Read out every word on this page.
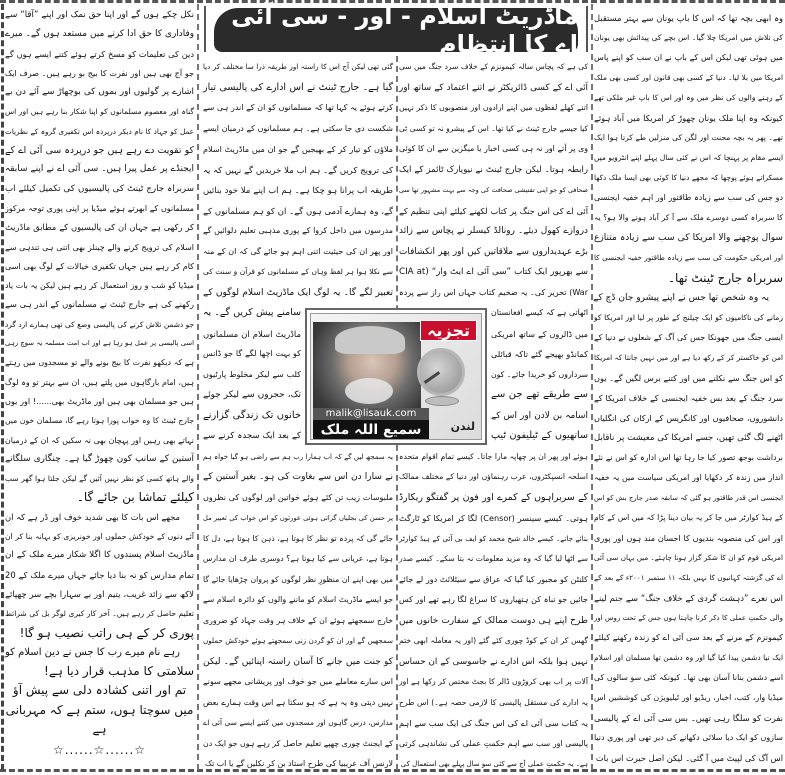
ماڈریٹ اسلام - اور - سی آئی اے کا انتظام
وہ ابھی بچہ تھا کہ اس کا باپ یونان سے بہتر مستقبل
کی تلاش میں امریکا چلا گیا۔ اس بچے کی پیدائش بھی یونان
میں ہوئی تھی لیکن اس کے باپ نے ان سب کو اپنے پاس
امریکا میں بلا لیا۔ دنیا کے کسی بھی قانون اور کسی بھی ملک
کے رہنے والوں کی نظر میں وہ اور اس کا باپ غیر ملکی تھے
کیونکہ وہ اپنا ملک یونان چھوڑ کر امریکا میں آباد ہوئے
تھے۔ پھر یہ بچہ محنت اور لگن کی منزلیں طے کرتا ہوا ایک
ایسے مقام پر پہنچا کہ اس نے کئی سال پہلے اپنے انٹرویو میں
مسکراتے ہوئے پوچھا کہ مجھے دنیا کا کوئی بھی ایسا ملک دکھا
دو جس کی سب سے زیادہ طاقتور اور اہم خفیہ ایجنسی
کا سربراہ کسی دوسرے ملک سے آ کر آباد ہونے والا ہو؟ یہ
سوال پوچھنے والا امریکا کی سب سے زیادہ متنازع
اور امریکی حکومت کی سب سے زیادہ طاقتور خفیہ ایجنسی کا
سربراہ جارج ٹینٹ تھا۔
یہ وہ شخص تھا جس نے اپنے پیشرو جان ڈچ کے
زمانے کی ناکامیوں کو ایک چیلنج کے طور پر لیا اور امریکا کو
ایسی جنگ میں جھونکا جس کی آگ کے شعلوں نے دنیا کے
امن کو خاکستر کر کے رکھ دیا ہے اور میں نہیں جانتا کہ امریکا
کو اس جنگ سے نکلنے میں اور کتنے برس لگیں گے۔ یوں
سرد جنگ کے بعد بس خفیہ ایجنسی کے خلاف امریکا کے
دانشوروں، صحافیوں اور کانگریس کے ارکان کی انگلیاں
اٹھنے لگ گئی تھیں، جسے امریکا کی معیشت پر ناقابل
برداشت بوجھ تصور کیا جا رہا تھا اس ادارہ کو اس نے نئے
انداز میں زندہ کر دکھایا اور امریکی سیاست میں یہ خفیہ
ایجنسی اس قدر طاقتور ہو گئی کہ سابقہ صدر جارج بش کو اس
کے ہیڈ کوارٹر میں جا کر یہ بیان دینا پڑا کہ میں اس کے کام
اور اس کی منصوبہ بندیوں کا احسان مند ہوں اور پوری
امریکی قوم کو ان کا شکر گزار ہونا چاہئے۔ میں یہاں سی آئی
اے کی گزشتہ کہانیوں کا نہیں بلکہ ۱۱ ستمبر ۲۰۰۱ء کے بعد کے
اس نعرے ”دہشت گردی کے خلاف جنگ“ سے جنم لینے
والی حکمتِ عملی کا ذکر کرنا چاہتا ہوں جس کے تحت روس اور
کیمونزم کے مرنے کے بعد سی آئی اے کو زندہ رکھنے کیلئے
ایک نیا دشمن پیدا کیا گیا اور وہ دشمن تھا مسلمان اور اسلام
اسے دشمن بنانا آسان بھی تھا۔ کیونکہ کئی سو سالوں کی
میڈیا وار، کتب، اخبار، ریڈیو اور ٹیلیویژن کی کوششیں اس
نفرت کو سلگا رہی تھیں۔ بس سی آئی اے کے پالیسی
سازوں کو ایک دیا سلائی دکھانے کی دیر تھی اور پوری دنیا
اس آگ کی لپیٹ میں آ گئی۔ لیکن اصل حیرت اس بات
کی ہے کہ پچاس سالہ کیمونزم کے خلاف سرد جنگ میں سی
آئی اے کے کسی ڈائریکٹر نے اتنے اعتماد کے ساتھ اور
اتنے کھلے لفظوں میں اپنے ارادوں اور منصوبوں کا ذکر نہیں
کیا جیسے جارج ٹینٹ نے کیا تھا۔ اس کے پیشرو نہ تو کسی ٹی
وی پر آتے اور نہ ہی کسی اخبار یا میگزین سے ان کا کوئی
رابطہ ہوتا۔ لیکن جارج ٹینٹ نے نیویارک ٹائمز کے ایک
صحافی کو جو اپنی تفتیشی صحافت کی وجہ سے بہت مشہور تھا سی
آئی اے کی اس جنگ پر کتاب لکھنے کیلئے اپنی تنظیم کے
دروازے کھول دیئے۔ رونالڈ کیسلر نے پچاس سے زائد
بڑے عہدیداروں سے ملاقاتیں کیں اور پھر انکشافات
سے بھرپور ایک کتاب ”سی آئی اے ایٹ وار“ (CIA at
War) تحریر کی۔ یہ ضخیم کتاب جہاں اس راز سے پردہ
اٹھاتی ہے کہ کیسے افغانستان
میں ڈالروں کے ساتھ امریکی
کمانڈو بھیجے گئے تاکہ قبائلی
سرداروں کو خریدا جائے۔ کون
سے طریقے تھے جن سے
اسامہ بن لادن اور اس کے
ساتھیوں کے ٹیلیفون ٹیپ
ہوئے اور پھر ان پر چھاپہ مارا جاتا۔ کیسے تمام اقوام متحدہ
اسلحہ انسپکٹروں، عرب رہنماؤں اور دنیا کے مختلف ممالک
کے سربراہوں کے کمرے اور فون پر گفتگو ریکارڈ
ہوتی۔ کیسے سینسر (Censor) لگا کر امریکا کو ٹارگٹ
بتائے جاتے۔ کیسے خالد شیخ محمد کو ایف بی آئی کے ہیڈ کوارٹر
سے اٹھا لیا گیا کہ وہ مزید معلومات نہ بتا سکے۔ کیسے صدر
کلنٹن کو مجبور کیا گیا کہ عراق سے سیٹلائٹ دور لے جائے
جائیں جو تباہ کن ہتھیاروں کا سراغ لگا رہے تھے اور کس
طرح اپنے ہی دوست ممالک کے سفارت خانوں میں
گھس کر ان کے کوڈ چوری کئے گئے (اور یہ معاملہ ابھی ختم
نہیں ہوا بلکہ اس ادارے نے جاسوسی کے ان حساس
آلات پر اب بھی کروڑوں ڈالر کا بجٹ مختص کر رکھا ہے اور
یہ ادارے کی مستقل پالیسی کا لازمی حصہ ہے۔) اس طرح
یہ کتاب سی آئی اے کی اس جنگ کی ایک سب سے اہم
پالیسی اور سب سے اہم حکمتِ عملی کی نشاندہی کرتی
ہے۔ یہ حکمتِ عملی آج سے کئی سو سال پہلے بھی استعمال کی
گئی تھی لیکن آج اس کا راستہ اور طریقہ ذرا سا مختلف کر دیا
گیا ہے۔ جارج ٹینٹ نے اس ادارے کی پالیسی تیار
کرتے ہوئے یہ کہا تھا کہ مسلمانوں کو ان کے اندر ہی سے
شکست دی جا سکتی ہے۔ ہم مسلمانوں کے درمیان ایسے
ملاؤں کو تیار کر کے بھیجیں گے جو ان میں ماڈریٹ اسلام
کی ترویج کریں گے۔ ہم اب ملا خریدیں گے نہیں کہ یہ
طریقہ اب پرانا ہو چکا ہے۔ ہم اب اپنے ملا خود بنائیں
گے، وہ ہمارے آدمی ہوں گے۔ ان کو ہم مسلمانوں کے
مدرسوں میں داخل کروا کے پوری مذہبی تعلیم دلوائیں گے
اور پھر ان کی حیثیت اتنی اہم ہو جائے گی کہ ان کے منہ
سے نکلا ہوا ہر لفظ وہاں کے مسلمانوں کو قرآن و سنت کی
تعبیر لگے گا۔ یہ لوگ ایک ماڈریٹ اسلام لوگوں کے
سامنے پیش کریں گے۔ یہ
ماڈریٹ اسلام ان مسلمانوں
کو بہت اچھا لگے گا جو ڈانس
کلب سے لیکر مخلوط پارٹیوں
تک، حجروں سے لیکر جوئے
خانوں تک زندگی گزارنے
کے بعد ایک سجدہ کرنے سے
یہ سمجھ لیں گے کہ اب ہمارا رب ہم سے راضی ہو گیا خواہ ہم
نے سارا دن اس سے بغاوت کی ہو۔ بغیر آستین کے
ملبوسات زیب تن کئے ہوئے خواتین اور لوگوں کی نظروں
پر حسن کی بجلیاں گراتی ہوئی عورتوں کو اس خواب کی تعبیر مل
جائے گی کہ پردہ تو نظر کا ہوتا ہے، ذہن کا ہوتا ہے، دل کا
ہوتا ہے، عریانی سے کیا ہوتا ہے؟ دوسری طرف ان مدارس
میں بھی اپنے ان منظورِ نظر لوگوں کو پروان چڑھایا جائے گا
جو ایسے ماڈریٹ اسلام کو ماننے والوں کو دائرہ اسلام سے
خارج سمجھتے ہوئے ان کے خلاف ہر وقت جہاد کو ضروری
سمجھیں گے اور ان کو گردن زنی سمجھتے ہوئے خودکش حملوں
کو جنت میں جانے کا آسان راستہ اپنائیں گے۔ لیکن
اس سارے معاملے میں جو خوف اور پریشانی مجھے سونے
نہیں دیتی وہ یہ ہے کہ ہو سکتا ہے اس وقت ہمارے بعض
مدارس، درس گاہوں اور مسجدوں میں کتنے ایسے سی آئی اے
کے ایجنٹ چوری چھپے تعلیم حاصل کر رہے ہوں جو ایک دن
لارنس آف عریبیا کی طرح استاد بن کر نکلیں گے یا اب تک
نکل چکے ہوں گے اور اپنا حق نمک اور اپنے ”آقا“ سے
وفاداری کا حق ادا کرنے میں مستعد ہوں گے۔ میرے
دین کی تعلیمات کو مسخ کرتے ہوئے کتنے ایسے ہوں گے
جو آج بھی ہیں اور نفرت کا بیج بو رہے ہیں۔ صرف ایک
اشارے پر گولیوں اور بموں کی بوچھاڑ سے آئے دن بے
گناہ اور معصوم مسلمانوں کو اپنا شکار بنا رہے ہیں اور اس
عمل کو جہاد کا نام دیکر درپردہ اس تکفیری گروہ کے نظریات
کو تقویت دے رہے ہیں جو درپردہ سی آئی اے کے
ایجنڈے پر عمل پیرا ہیں۔ سی آئی اے نے اپنے سابقہ
سربراہ جارج ٹینٹ کی پالیسیوں کی تکمیل کیلئے اب
مسلمانوں کے ابھرتے ہوئے میڈیا پر اپنی پوری توجہ مرکوز
کر رکھی ہے جہاں ان کی پالیسیوں کے مطابق ماڈریٹ
اسلام کی ترویج کرنے والے چینلز بھی اتنی ہی تندہی سے
کام کر رہے ہیں جہاں تکفیری خیالات کے لوگ بھی اسی
میڈیا کو شب و روز استعمال کر رہے ہیں لیکن یہ بات یاد
رکھنے کی ہے جارج ٹینٹ نے مسلمانوں کے اندر ہی سے
جو دشمن تلاش کرنے کی پالیسی وضع کی تھی ہمارے ارد گرد
اسی پالیسی پر عمل ہو رہا ہے اور اب امت مسلمہ یہ سوچ رہی
ہے کہ دیکھو نفرت کا بیج بونے والے تو مسجدوں میں رہتے
ہیں، امام بارگاہوں میں پلتے ہیں، ان سے بہتر تو وہ لوگ
ہیں جو مسلمان بھی ہیں اور ماڈریٹ بھی......! اور یوں
جارج ٹینٹ کا وہ خواب پورا ہوتا رہے گا، مسلمان خون میں
نہاتے بھی رہیں اور پہچان بھی نہ سکیں کہ ان کے درمیان
آستین کے سانپ کون چھوڑ گیا ہے۔ چنگاری سلگانے
والے ہاتھ کسی کو نظر نہیں آئیں گے لیکن جلتا ہوا گھر سب
کیلئے تماشا بن جائے گا۔
مجھے اس بات کا بھی شدید خوف اور ڈر ہے کہ ان
آئے دنوں کے خودکش حملوں اور خونریزی کو بہانہ بنا کر ان
ماڈریٹ اسلام پسندوں کا اگلا شکار میرے ملک کے ان
تمام مدارس کو نہ بنا دیا جائے جہاں میرے ملک کے 20
لاکھ سے زائد غریب، یتیم اور بے سہارا بچے سر چھپائے
تعلیم حاصل کر رہے ہیں۔ آخر کار کیری لوگر بل کی شرائط
پوری کر کے ہی راتب نصیب ہو گا!
رہے نام میرے رب کا جس نے دین اسلام کو
سلامتی کا مذہب قرار دیا ہے!
تم اور اتنی کشادہ دلی سے پیش آؤ
میں سوچتا ہوں، ستم ہے کہ مہربانی ہے
☆......☆......☆
تجزیہ
malik@lisauk.com
سمیع اللہ ملک	لندن
